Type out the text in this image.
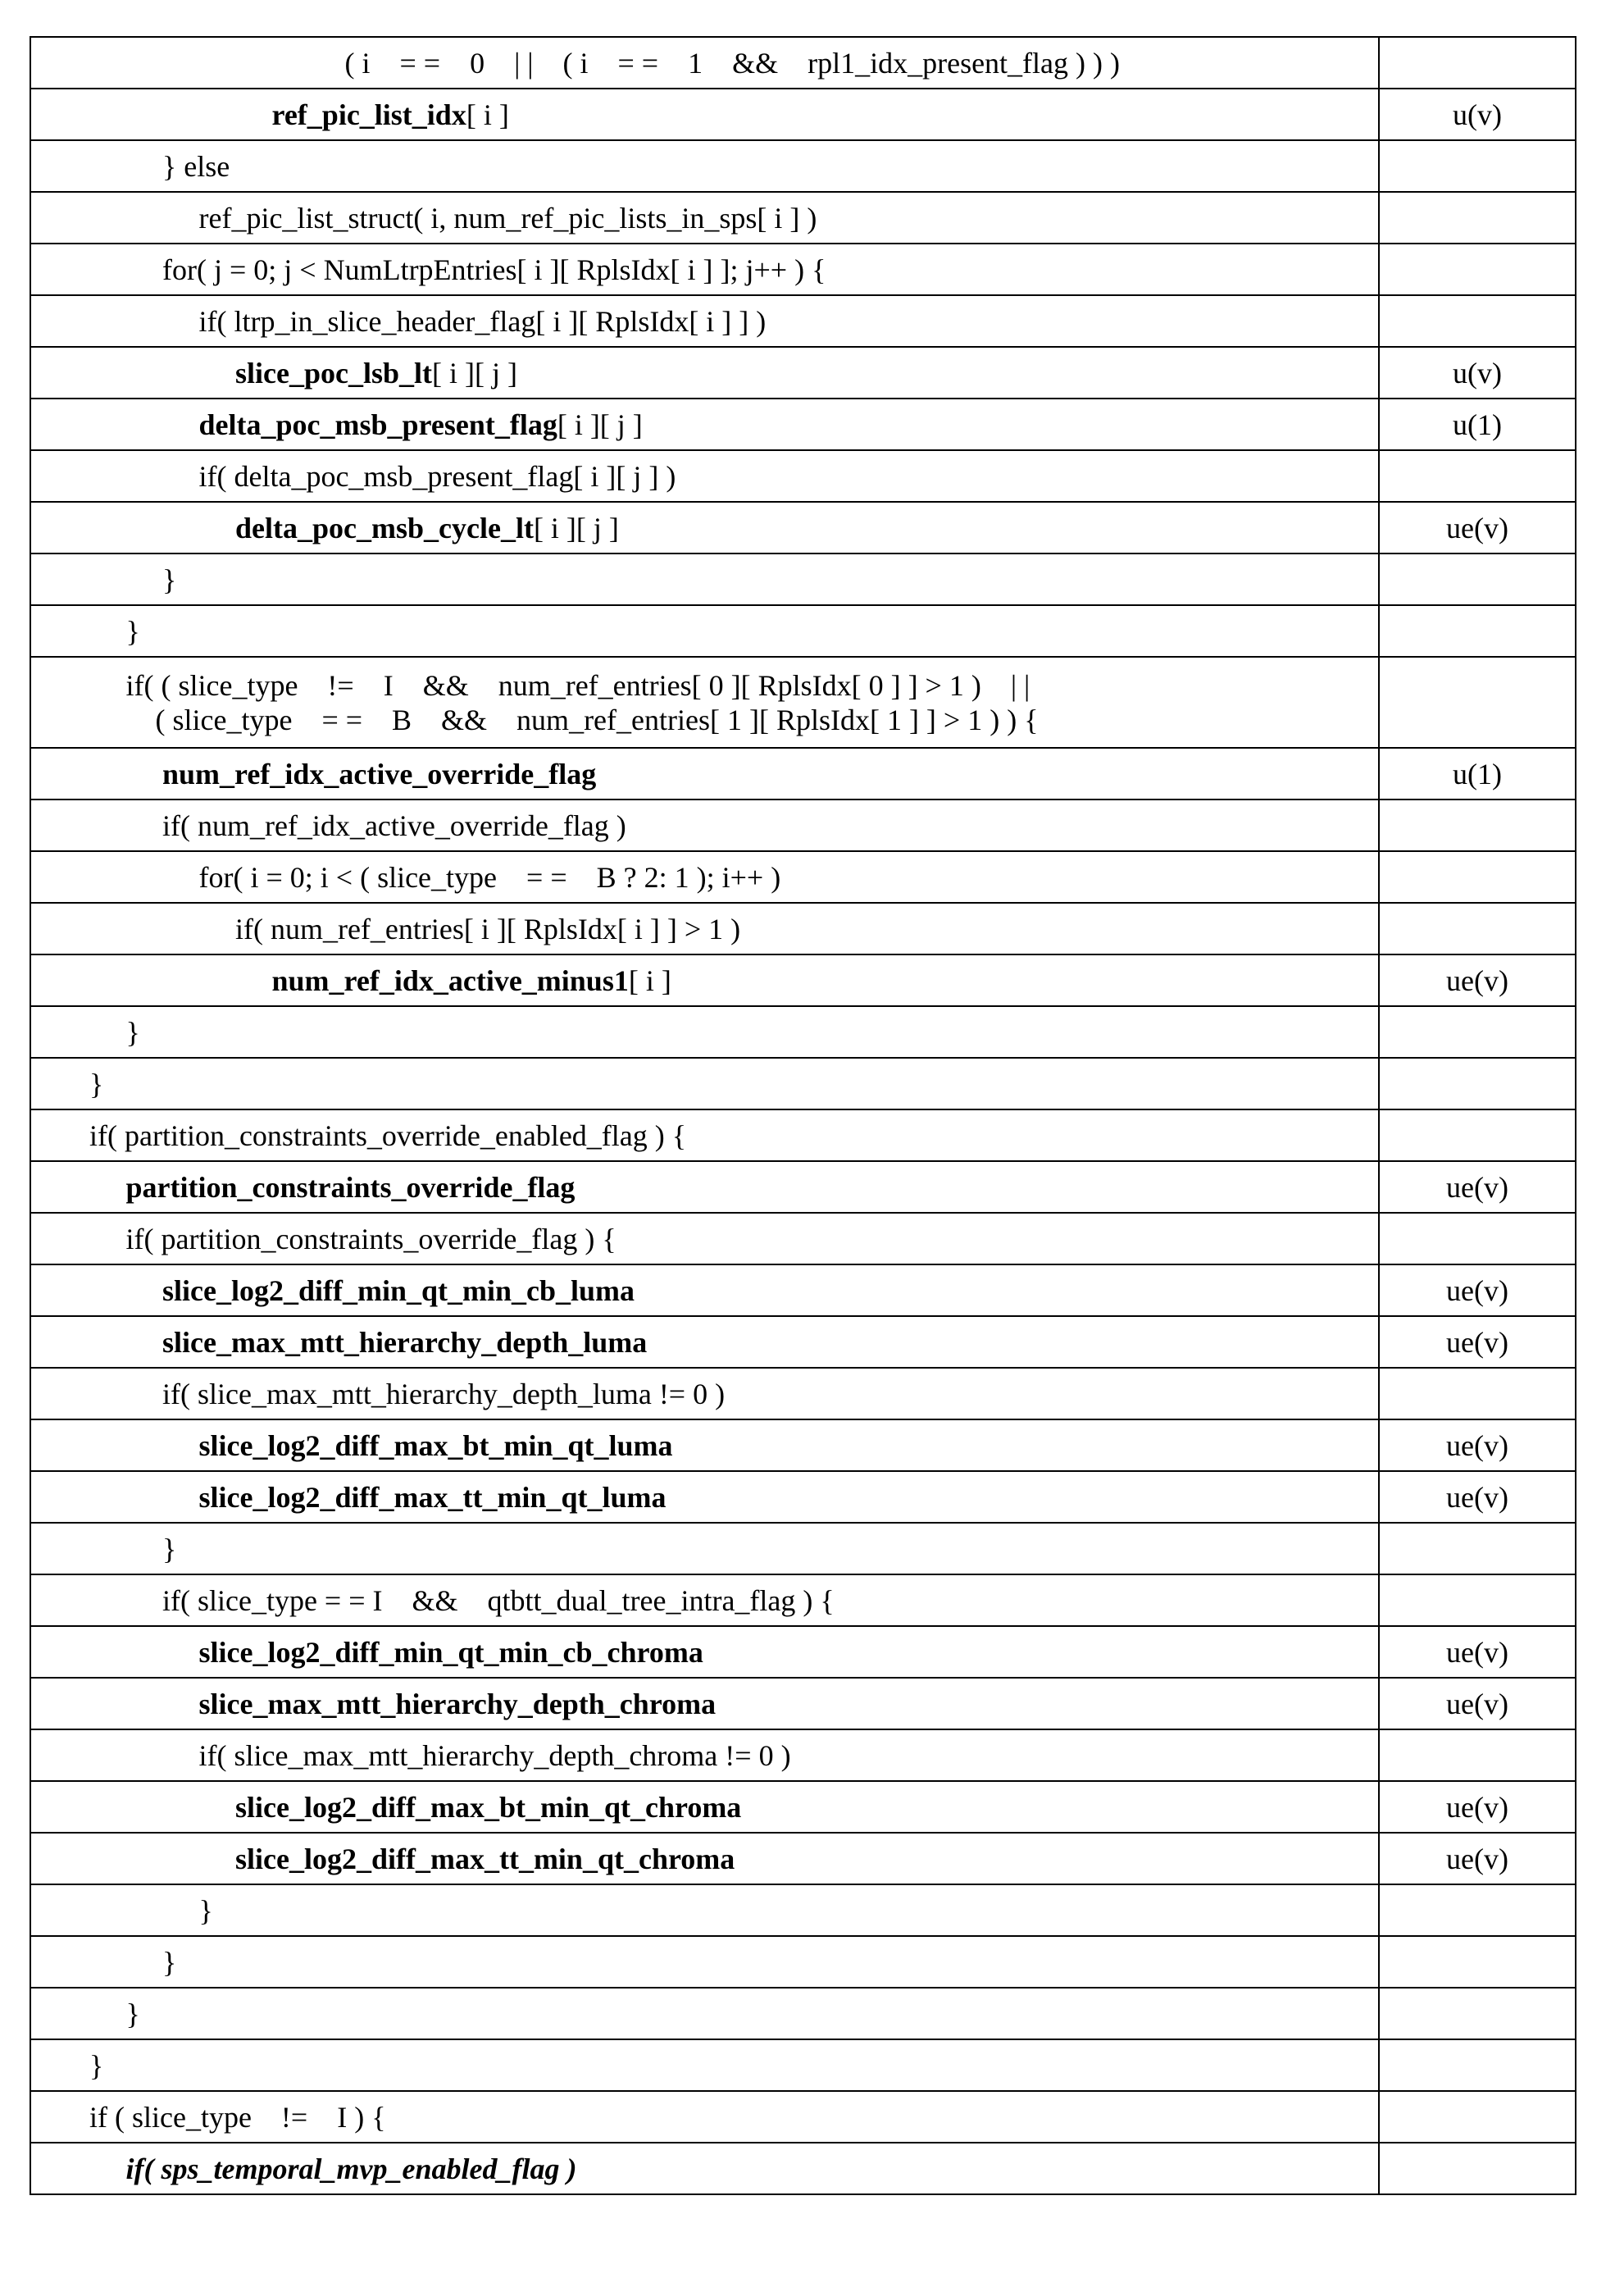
( i    = =    0    | |    ( i    = =    1    &&    rpl1_idx_present_flag ) ) )

ref_pic_list_idx[ i ]	u(v)

} else

ref_pic_list_struct( i, num_ref_pic_lists_in_sps[ i ] )

for( j = 0; j < NumLtrpEntries[ i ][ RplsIdx[ i ] ]; j++ ) {

if( ltrp_in_slice_header_flag[ i ][ RplsIdx[ i ] ] )

slice_poc_lsb_lt[ i ][ j ]	u(v)

delta_poc_msb_present_flag[ i ][ j ]	u(1)

if( delta_poc_msb_present_flag[ i ][ j ] )

delta_poc_msb_cycle_lt[ i ][ j ]	ue(v)

}

}

if( ( slice_type    !=    I    &&    num_ref_entries[ 0 ][ RplsIdx[ 0 ] ] > 1 )    | |
( slice_type    = =    B    &&    num_ref_entries[ 1 ][ RplsIdx[ 1 ] ] > 1 ) ) {

num_ref_idx_active_override_flag	u(1)

if( num_ref_idx_active_override_flag )

for( i = 0; i < ( slice_type    = =    B ? 2: 1 ); i++ )

if( num_ref_entries[ i ][ RplsIdx[ i ] ] > 1 )

num_ref_idx_active_minus1[ i ]	ue(v)

}

}

if( partition_constraints_override_enabled_flag ) {

partition_constraints_override_flag	ue(v)

if( partition_constraints_override_flag ) {

slice_log2_diff_min_qt_min_cb_luma	ue(v)

slice_max_mtt_hierarchy_depth_luma	ue(v)

if( slice_max_mtt_hierarchy_depth_luma != 0 )

slice_log2_diff_max_bt_min_qt_luma	ue(v)

slice_log2_diff_max_tt_min_qt_luma	ue(v)

}

if( slice_type = = I    &&    qtbtt_dual_tree_intra_flag ) {

slice_log2_diff_min_qt_min_cb_chroma	ue(v)

slice_max_mtt_hierarchy_depth_chroma	ue(v)

if( slice_max_mtt_hierarchy_depth_chroma != 0 )

slice_log2_diff_max_bt_min_qt_chroma	ue(v)

slice_log2_diff_max_tt_min_qt_chroma	ue(v)

}

}

}

}

if ( slice_type    !=    I ) {

if( sps_temporal_mvp_enabled_flag )
